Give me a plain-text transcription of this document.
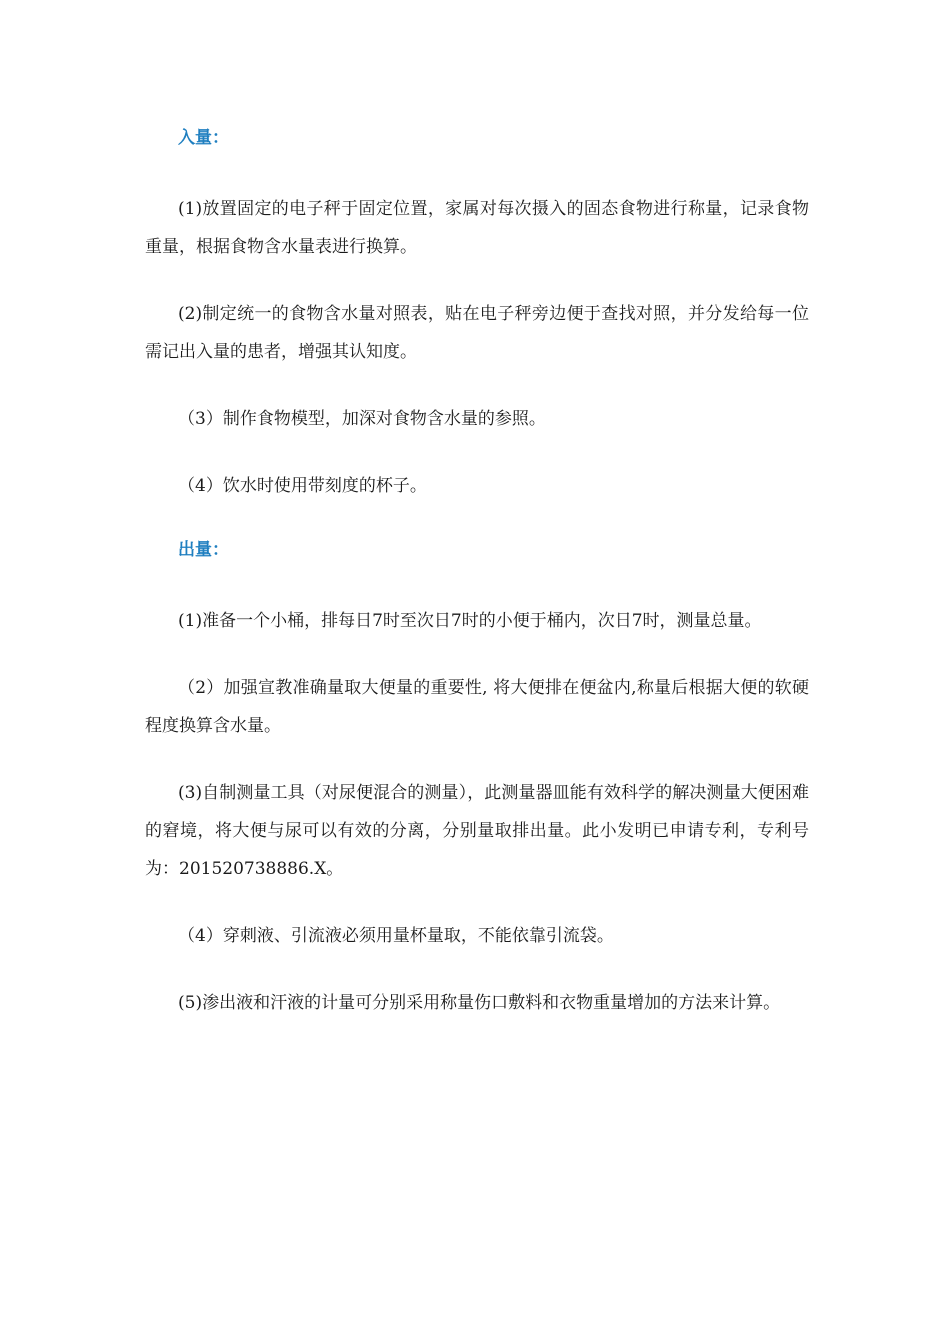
入量：

(1)放置固定的电子秤于固定位置，家属对每次摄入的固态食物进行称量，记录食物重量，根据食物含水量表进行换算。

(2)制定统一的食物含水量对照表，贴在电子秤旁边便于查找对照，并分发给每一位需记出入量的患者，增强其认知度。

（3）制作食物模型，加深对食物含水量的参照。

（4）饮水时使用带刻度的杯子。

出量：

(1)准备一个小桶，排每日7时至次日7时的小便于桶内，次日7时，测量总量。

（2）加强宣教准确量取大便量的重要性, 将大便排在便盆内,称量后根据大便的软硬程度换算含水量。

(3)自制测量工具（对尿便混合的测量），此测量器皿能有效科学的解决测量大便困难的窘境，将大便与尿可以有效的分离，分别量取排出量。此小发明已申请专利，专利号为：201520738886.X。

（4）穿刺液、引流液必须用量杯量取，不能依靠引流袋。

(5)渗出液和汗液的计量可分别采用称量伤口敷料和衣物重量增加的方法来计算。
